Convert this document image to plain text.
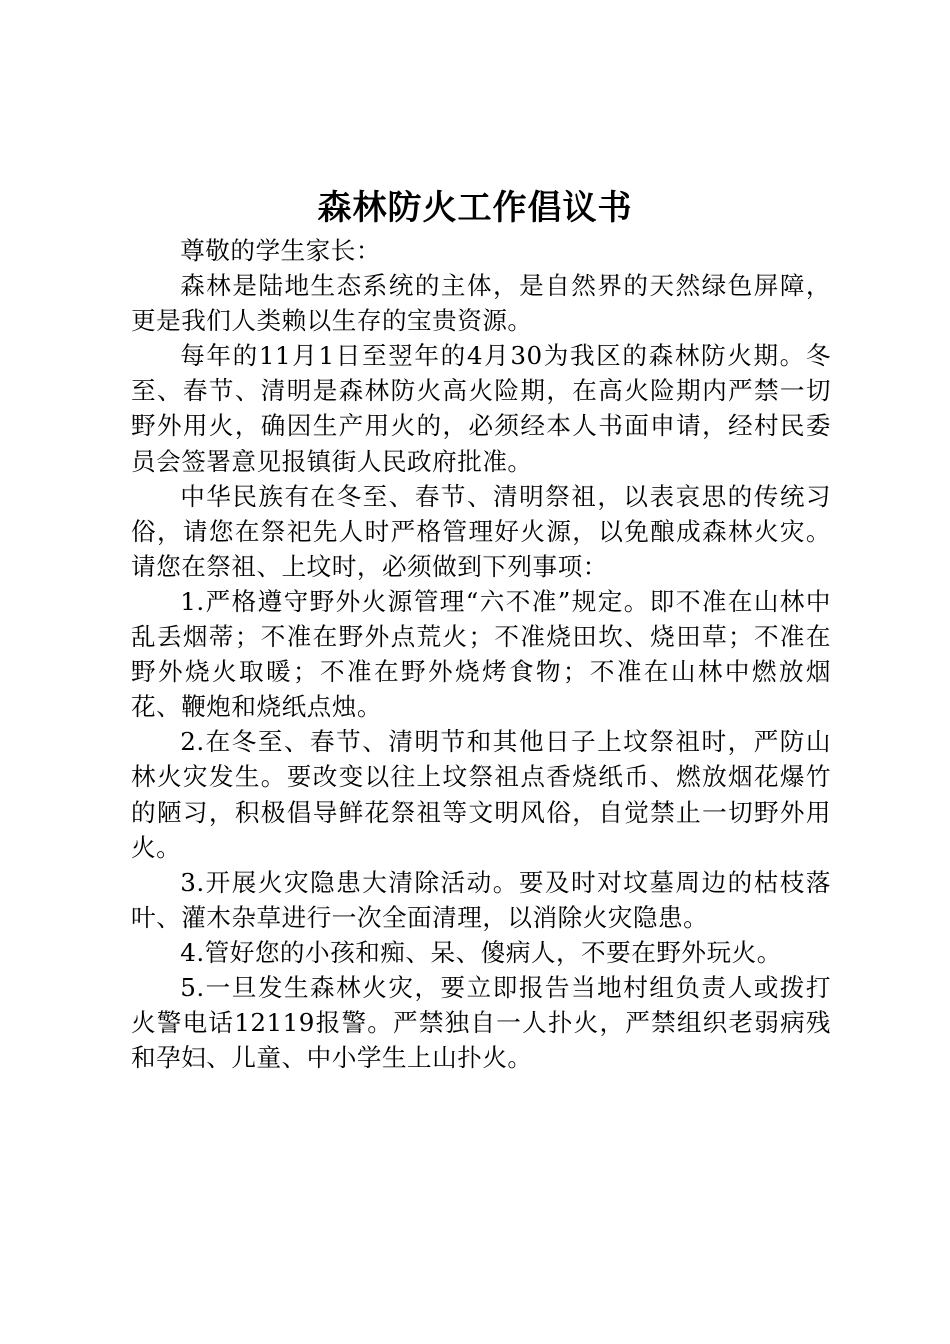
森林防火工作倡议书

尊敬的学生家长：

森林是陆地生态系统的主体，是自然界的天然绿色屏障，更是我们人类赖以生存的宝贵资源。

每年的11月1日至翌年的4月30为我区的森林防火期。冬至、春节、清明是森林防火高火险期，在高火险期内严禁一切野外用火，确因生产用火的，必须经本人书面申请，经村民委员会签署意见报镇街人民政府批准。

中华民族有在冬至、春节、清明祭祖，以表哀思的传统习俗，请您在祭祀先人时严格管理好火源，以免酿成森林火灾。请您在祭祖、上坟时，必须做到下列事项：

1.严格遵守野外火源管理“六不准”规定。即不准在山林中乱丢烟蒂；不准在野外点荒火；不准烧田坎、烧田草；不准在野外烧火取暖；不准在野外烧烤食物；不准在山林中燃放烟花、鞭炮和烧纸点烛。

2.在冬至、春节、清明节和其他日子上坟祭祖时，严防山林火灾发生。要改变以往上坟祭祖点香烧纸币、燃放烟花爆竹的陋习，积极倡导鲜花祭祖等文明风俗，自觉禁止一切野外用火。

3.开展火灾隐患大清除活动。要及时对坟墓周边的枯枝落叶、灌木杂草进行一次全面清理，以消除火灾隐患。

4.管好您的小孩和痴、呆、傻病人，不要在野外玩火。

5.一旦发生森林火灾，要立即报告当地村组负责人或拨打火警电话12119报警。严禁独自一人扑火，严禁组织老弱病残和孕妇、儿童、中小学生上山扑火。
